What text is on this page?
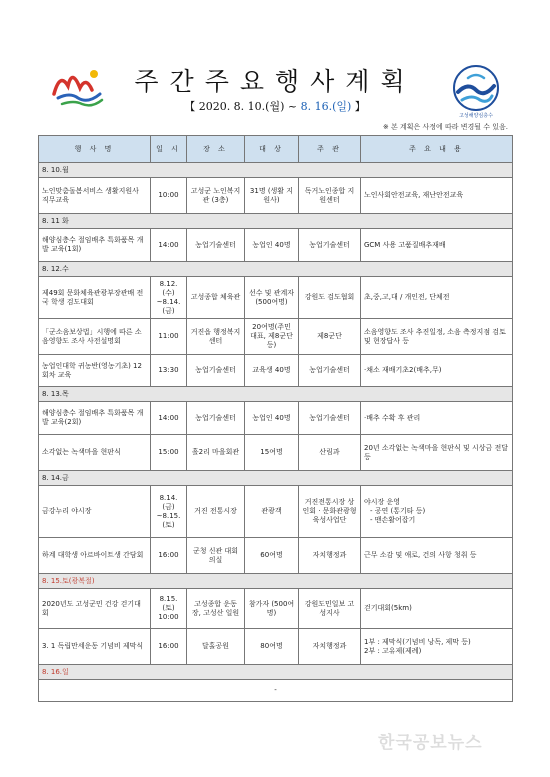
고성해양심층수
주간주요행사계획
【 2020. 8. 10.(월) ~ 8. 16.(일) 】
※ 본 계획은 사정에 따라 변경될 수 있음.
행 사 명	일 시	장 소	대 상	주 관	주 요 내 용
8. 10.월					
노인맞춤돌봄서비스 생활지원사 직무교육	10:00	고성군 노인복지관 (3층)	31명 (생활 지원사)	독거노인종합 지원센터	노인사회안전교육, 재난안전교육
8. 11 화					
해양심층수 절임배추 특화품목 개발 교육(1회)	14:00	농업기술센터	농업인 40명	농업기술센터	GCM 사용 고품질배추재배
8. 12.수					
제49회 문화체육관광부장관배 전국 학생 검도대회	8.12.(수) ~8.14.(금)	고성종합 체육관	선수 및 관계자 (500여명)	강원도 검도협회	초,중,고,대 / 개인전, 단체전
「군소음보상법」시행에 따른 소음영향도 조사 사전설명회	11:00	거진읍 행정복지센터	20여명(주민 대표, 제8군단 등)	제8군단	소음영향도 조사 추진일정, 소음 측정지점 검토 및 현장답사 등
농업인대학 귀농반(영농기초) 12회차 교육	13:30	농업기술센터	교육생 40명	농업기술센터	·채소 재배기초2(배추,무)
8. 13.목					
해양심층수 절임배추 특화품목 개발 교육(2회)	14:00	농업기술센터	농업인 40명	농업기술센터	·배추 수확 후 관리
소각없는 녹색마을 현판식	15:00	흘2리 마을회관	15여명	산림과	20년 소각없는 녹색마을 현판식 및 시상금 전달 등
8. 14.금					
금강누리 야시장	8.14.(금) ~8.15.(토)	거진 전통시장	관광객	거진전통시장 상인회 · 문화관광형 육성사업단	야시장 운영
- 공연 (통기타 등)
- 맨손활어잡기

하계 대학생 아르바이트생 간담회	16:00	군청 신관 대회의실	60여명	자치행정과	근무 소감 및 애로, 건의 사항 청취 등
8. 15.토(광복절)					
2020년도 고성군민 건강 걷기대회	8.15.(토) 10:00	고성종합 운동장, 고성산 일원	참가자 (500여명)	강원도민일보 고성지사	걷기대회(5km)
3. 1 독립만세운동 기념비 제막식	16:00	달홀공원	80여명	자치행정과	1부 : 제막식(기념비 낭독, 제막 등)
2부 : 고유제(제례)

8. 16.일					
-					
한국공보뉴스
